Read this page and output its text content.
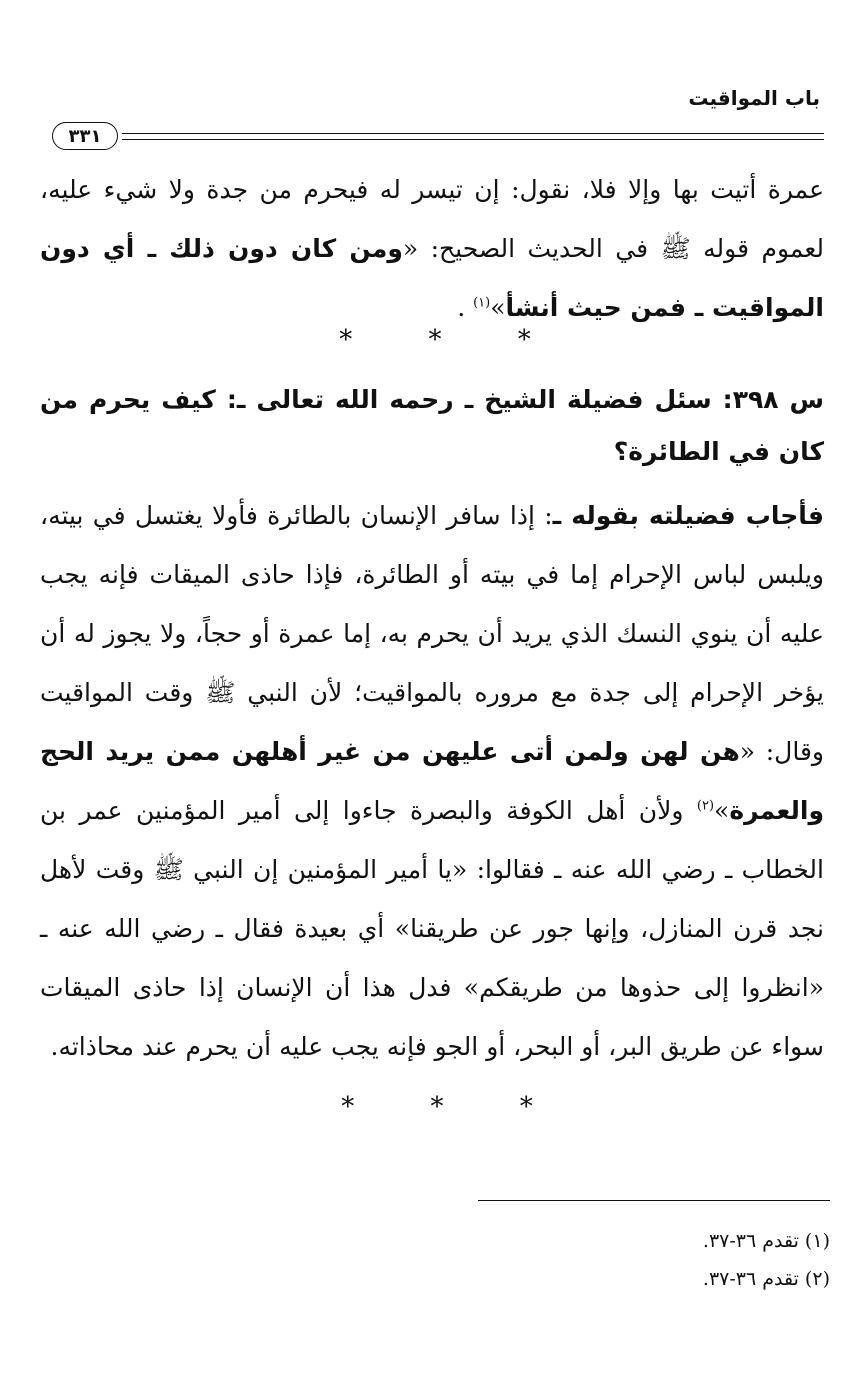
باب المواقيت
٣٣١
عمرة أتيت بها وإلا فلا، نقول: إن تيسر له فيحرم من جدة ولا شيء عليه، لعموم قوله ﷺ في الحديث الصحيح: «ومن كان دون ذلك ـ أي دون المواقيت ـ فمن حيث أنشأ»$^{(١)}$ .
* * *
س ٣٩٨: سئل فضيلة الشيخ ـ رحمه الله تعالى ـ: كيف يحرم من كان في الطائرة؟
فأجاب فضيلته بقوله ـ: إذا سافر الإنسان بالطائرة فأولا يغتسل في بيته، ويلبس لباس الإحرام إما في بيته أو الطائرة، فإذا حاذى الميقات فإنه يجب عليه أن ينوي النسك الذي يريد أن يحرم به، إما عمرة أو حجاً، ولا يجوز له أن يؤخر الإحرام إلى جدة مع مروره بالمواقيت؛ لأن النبي ﷺ وقت المواقيت وقال: «هن لهن ولمن أتى عليهن من غير أهلهن ممن يريد الحج والعمرة»$^{(٢)}$ ولأن أهل الكوفة والبصرة جاءوا إلى أمير المؤمنين عمر بن الخطاب ـ رضي الله عنه ـ فقالوا: «يا أمير المؤمنين إن النبي ﷺ وقت لأهل نجد قرن المنازل، وإنها جور عن طريقنا» أي بعيدة فقال ـ رضي الله عنه ـ «انظروا إلى حذوها من طريقكم» فدل هذا أن الإنسان إذا حاذى الميقات سواء عن طريق البر، أو البحر، أو الجو فإنه يجب عليه أن يحرم عند محاذاته.
* * *
(١) تقدم ٣٦-٣٧.
(٢) تقدم ٣٦-٣٧.
